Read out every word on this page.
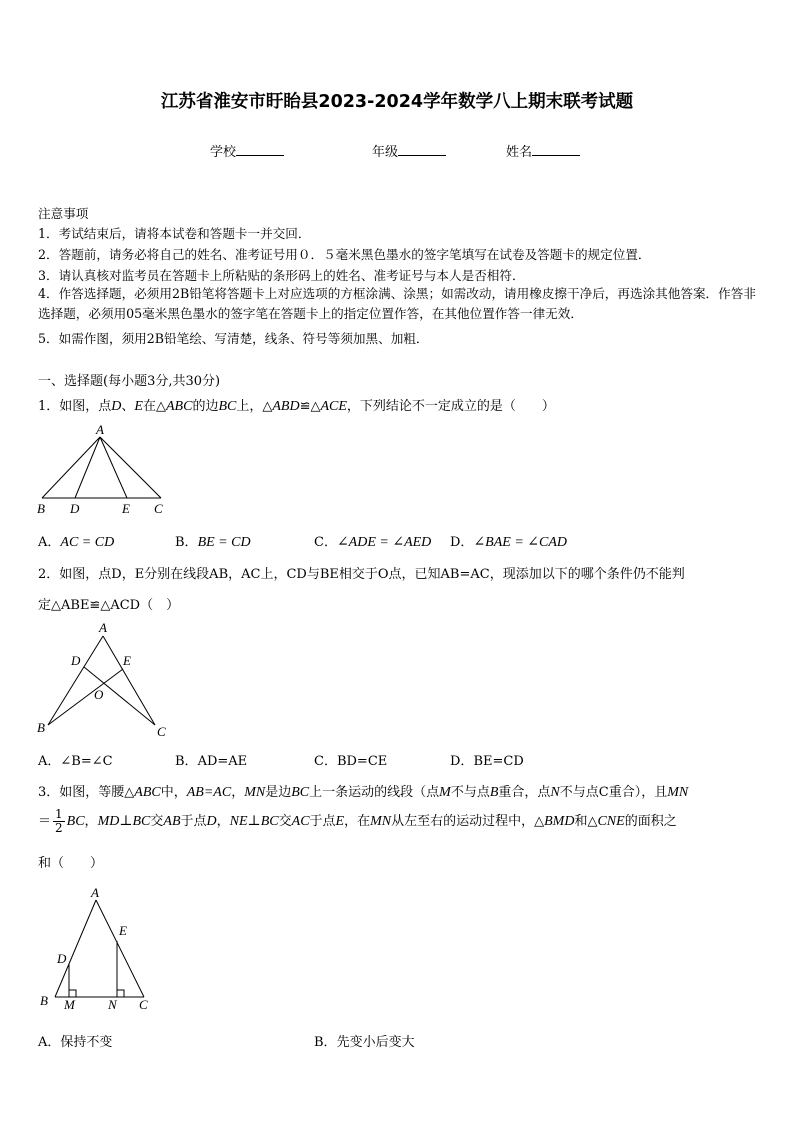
江苏省淮安市盱眙县2023-2024学年数学八上期末联考试题
学校	年级	姓名
注意事项
1．考试结束后，请将本试卷和答题卡一并交回．
2．答题前，请务必将自己的姓名、准考证号用０．５毫米黑色墨水的签字笔填写在试卷及答题卡的规定位置．
3．请认真核对监考员在答题卡上所粘贴的条形码上的姓名、准考证号与本人是否相符．
4．作答选择题，必须用2B铅笔将答题卡上对应选项的方框涂满、涂黑；如需改动，请用橡皮擦干净后，再选涂其他答案．作答非选择题，必须用05毫米黑色墨水的签字笔在答题卡上的指定位置作答，在其他位置作答一律无效．
5．如需作图，须用2B铅笔绘、写清楚，线条、符号等须加黑、加粗．
一、选择题(每小题3分,共30分)
1．如图，点D、E在△ABC的边BC上，△ABD≌△ACE，下列结论不一定成立的是（　　）
A
B D	E C
A．AC = CD	B．BE = CD	C．∠ADE = ∠AED D．∠BAE = ∠CAD
2．如图，点D，E分别在线段AB，AC上，CD与BE相交于O点，已知AB=AC，现添加以下的哪个条件仍不能判
定△ABE≌△ACD（　）
A
D	E
O
B	C
A．∠B=∠C	B．AD=AE	C．BD=CE	D．BE=CD
3．如图，等腰△ABC中，AB=AC，MN是边BC上一条运动的线段（点M不与点B重合，点N不与点C重合），且MN
＝ $\frac{1}{2}$ BC，MD⊥BC交AB于点D，NE⊥BC交AC于点E，在MN从左至右的运动过程中，△BMD和△CNE的面积之
和（　　）
A
E
D
B M	N C
A．保持不变	B．先变小后变大
